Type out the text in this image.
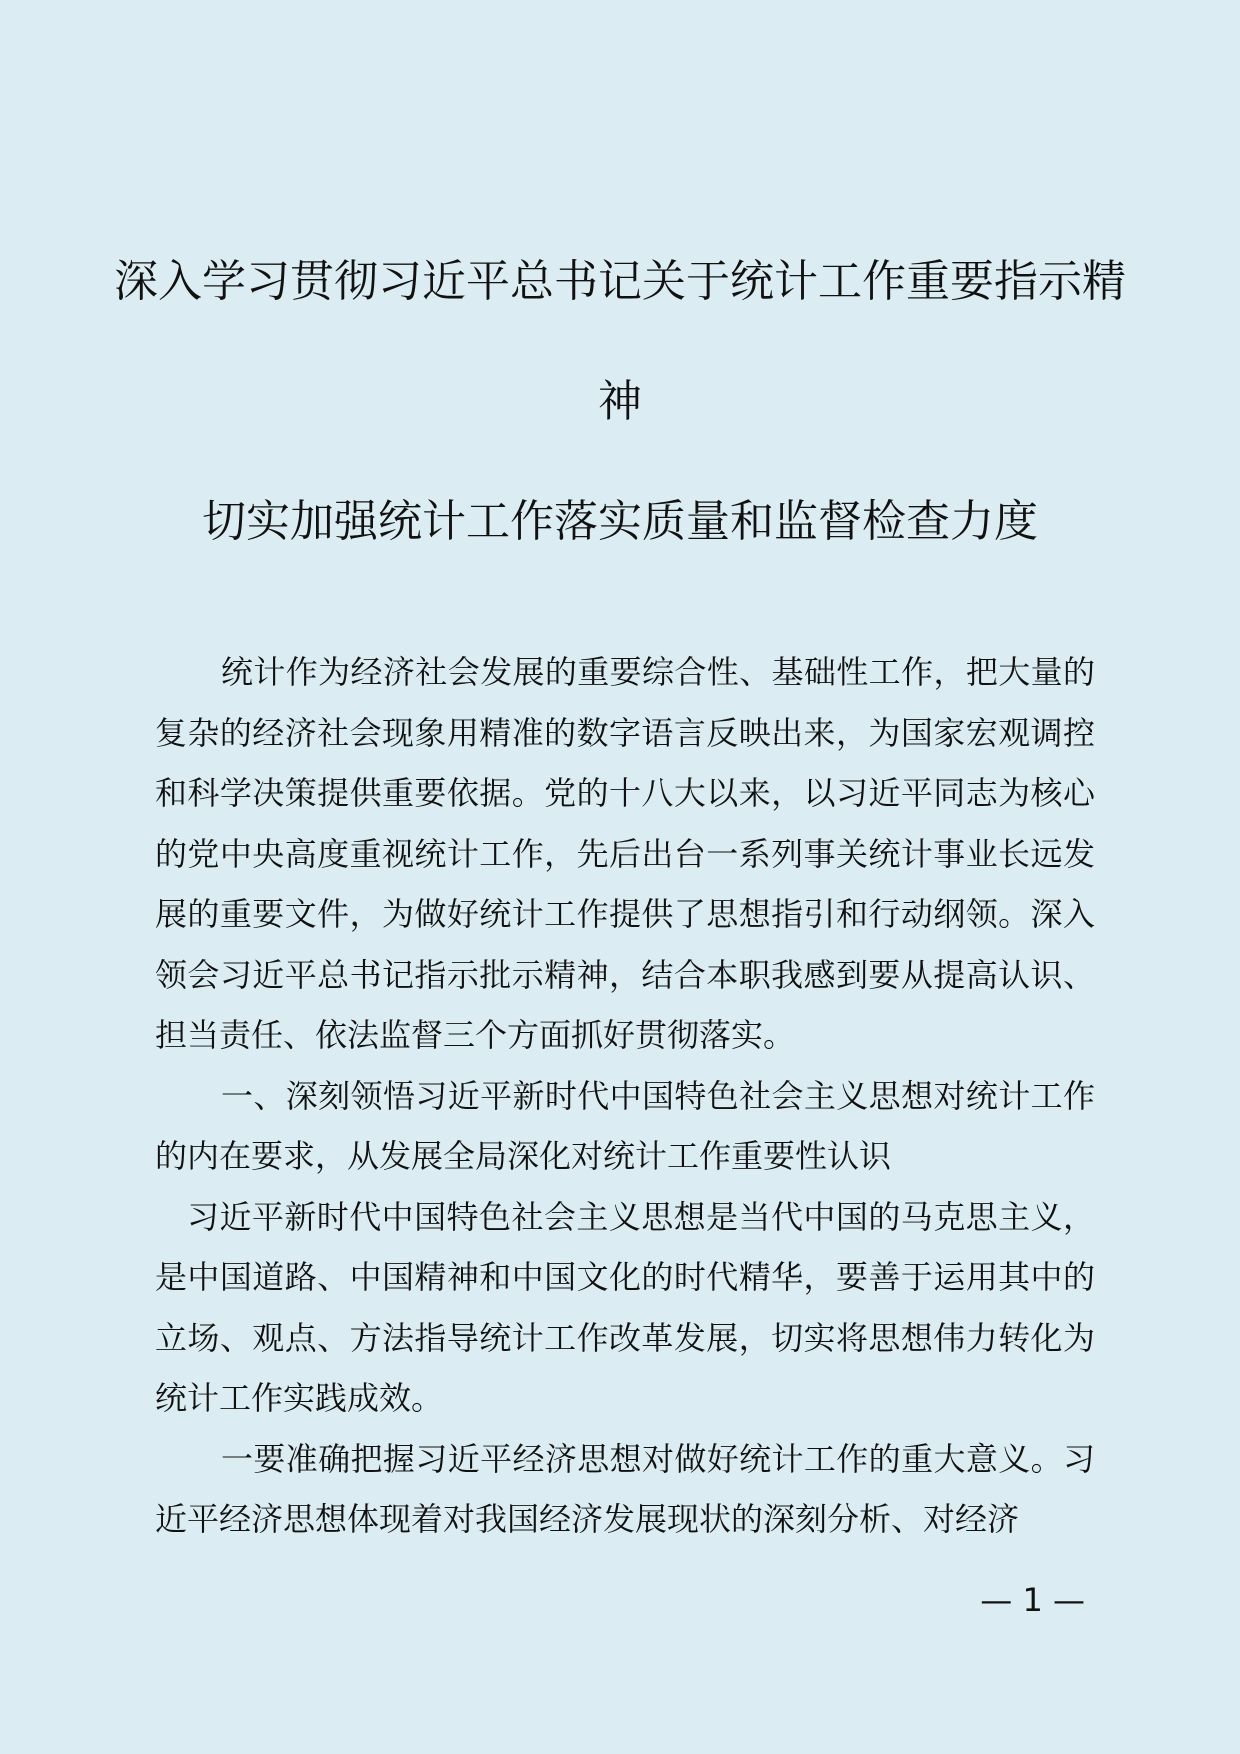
深入学习贯彻习近平总书记关于统计工作重要指示精
神
切实加强统计工作落实质量和监督检查力度

统计作为经济社会发展的重要综合性、基础性工作，把大量的复杂的经济社会现象用精准的数字语言反映出来，为国家宏观调控和科学决策提供重要依据。党的十八大以来，以习近平同志为核心的党中央高度重视统计工作，先后出台一系列事关统计事业长远发展的重要文件，为做好统计工作提供了思想指引和行动纲领。深入领会习近平总书记指示批示精神，结合本职我感到要从提高认识、担当责任、依法监督三个方面抓好贯彻落实。

一、深刻领悟习近平新时代中国特色社会主义思想对统计工作的内在要求，从发展全局深化对统计工作重要性认识

习近平新时代中国特色社会主义思想是当代中国的马克思主义，是中国道路、中国精神和中国文化的时代精华，要善于运用其中的立场、观点、方法指导统计工作改革发展，切实将思想伟力转化为统计工作实践成效。

一要准确把握习近平经济思想对做好统计工作的重大意义。习近平经济思想体现着对我国经济发展现状的深刻分析、对经济

— 1 —
